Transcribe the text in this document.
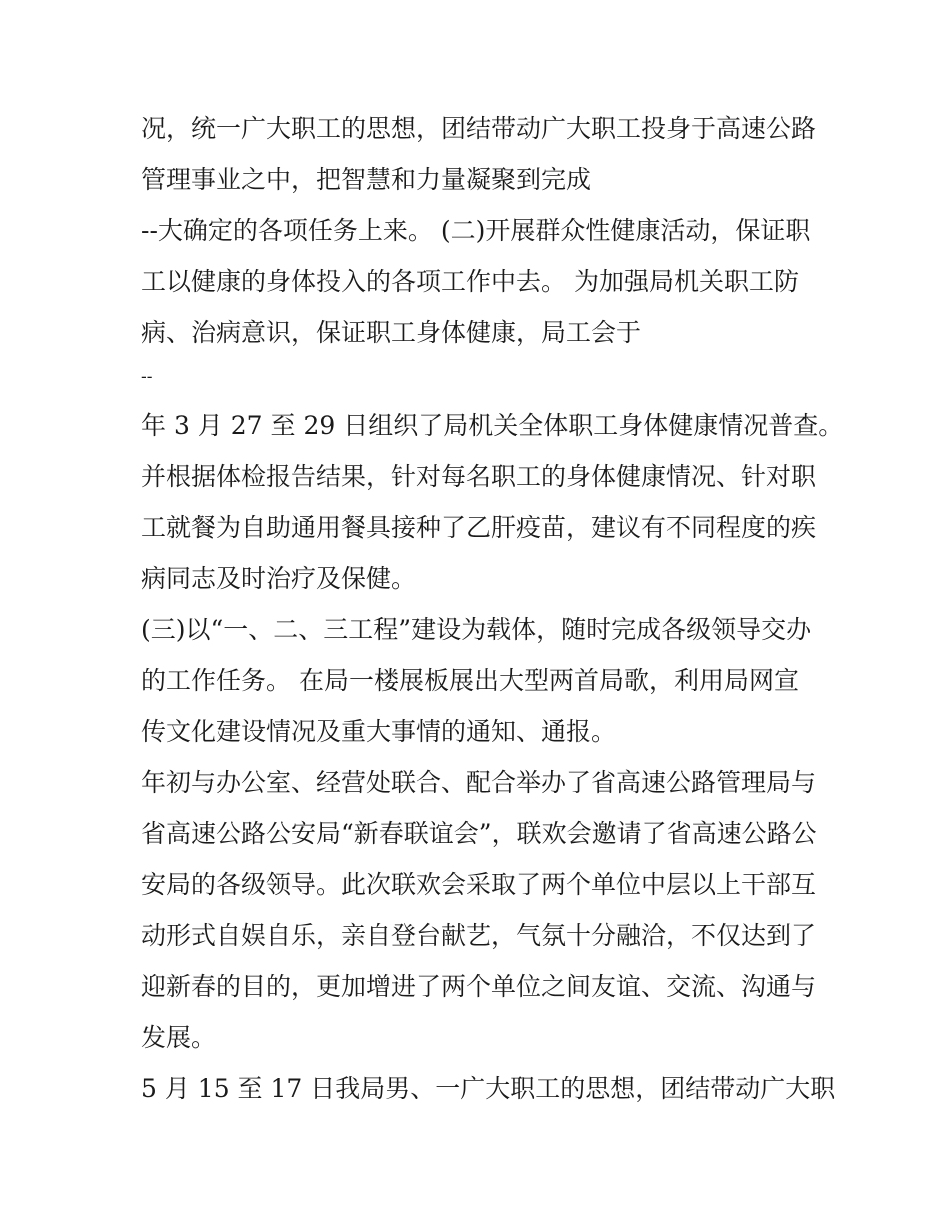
况，统一广大职工的思想，团结带动广大职工投身于高速公路
管理事业之中，把智慧和力量凝聚到完成
--大确定的各项任务上来。 (二)开展群众性健康活动，保证职
工以健康的身体投入的各项工作中去。 为加强局机关职工防
病、治病意识，保证职工身体健康，局工会于
--
年 3 月 27 至 29 日组织了局机关全体职工身体健康情况普查。
并根据体检报告结果，针对每名职工的身体健康情况、针对职
工就餐为自助通用餐具接种了乙肝疫苗，建议有不同程度的疾
病同志及时治疗及保健。
(三)以“一、二、三工程”建设为载体，随时完成各级领导交办
的工作任务。 在局一楼展板展出大型两首局歌，利用局网宣
传文化建设情况及重大事情的通知、通报。
年初与办公室、经营处联合、配合举办了省高速公路管理局与
省高速公路公安局“新春联谊会”，联欢会邀请了省高速公路公
安局的各级领导。此次联欢会采取了两个单位中层以上干部互
动形式自娱自乐，亲自登台献艺，气氛十分融洽，不仅达到了
迎新春的目的，更加增进了两个单位之间友谊、交流、沟通与
发展。
5 月 15 至 17 日我局男、一广大职工的思想，团结带动广大职
